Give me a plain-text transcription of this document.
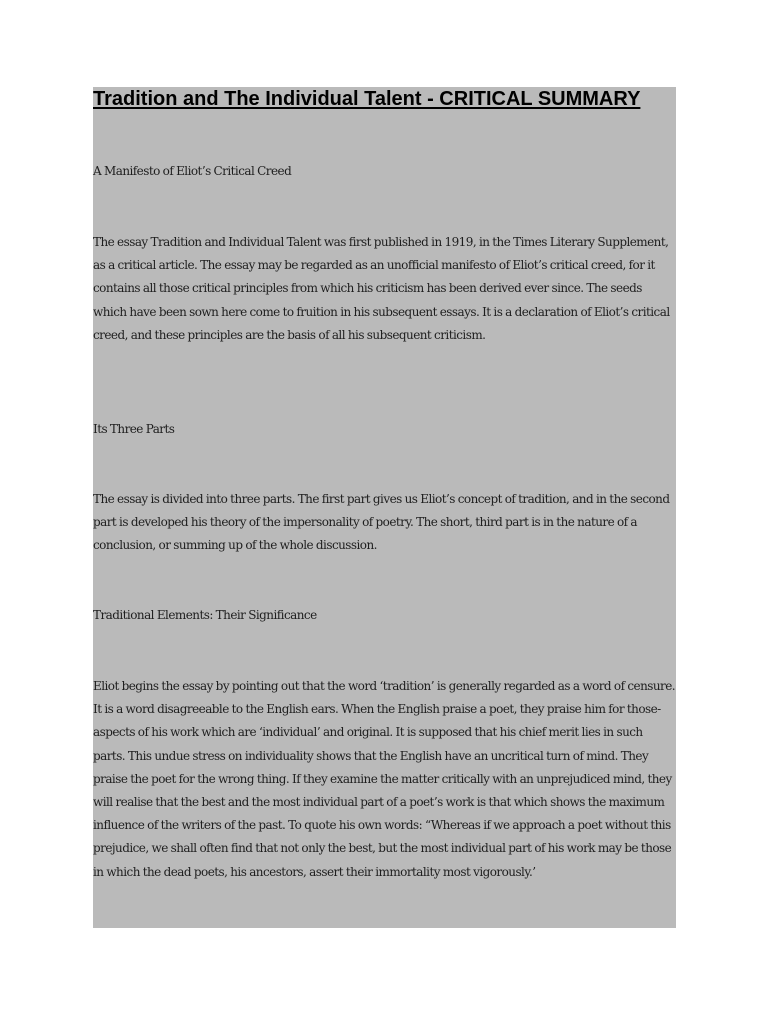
Tradition and The Individual Talent - CRITICAL SUMMARY

A Manifesto of Eliot’s Critical Creed

The essay Tradition and Individual Talent was first published in 1919, in the Times Literary Supplement, as a critical article. The essay may be regarded as an unofficial manifesto of Eliot’s critical creed, for it contains all those critical principles from which his criticism has been derived ever since. The seeds which have been sown here come to fruition in his subsequent essays. It is a declaration of Eliot’s critical creed, and these principles are the basis of all his subsequent criticism.

Its Three Parts

The essay is divided into three parts. The first part gives us Eliot’s concept of tradition, and in the second part is developed his theory of the impersonality of poetry. The short, third part is in the nature of a conclusion, or summing up of the whole discussion.

Traditional Elements: Their Significance

Eliot begins the essay by pointing out that the word ‘tradition’ is generally regarded as a word of censure. It is a word disagreeable to the English ears. When the English praise a poet, they praise him for those-aspects of his work which are ‘individual’ and original. It is supposed that his chief merit lies in such parts. This undue stress on individuality shows that the English have an uncritical turn of mind. They praise the poet for the wrong thing. If they examine the matter critically with an unprejudiced mind, they will realise that the best and the most individual part of a poet’s work is that which shows the maximum influence of the writers of the past. To quote his own words: “Whereas if we approach a poet without this prejudice, we shall often find that not only the best, but the most individual part of his work may be those in which the dead poets, his ancestors, assert their immortality most vigorously.’
